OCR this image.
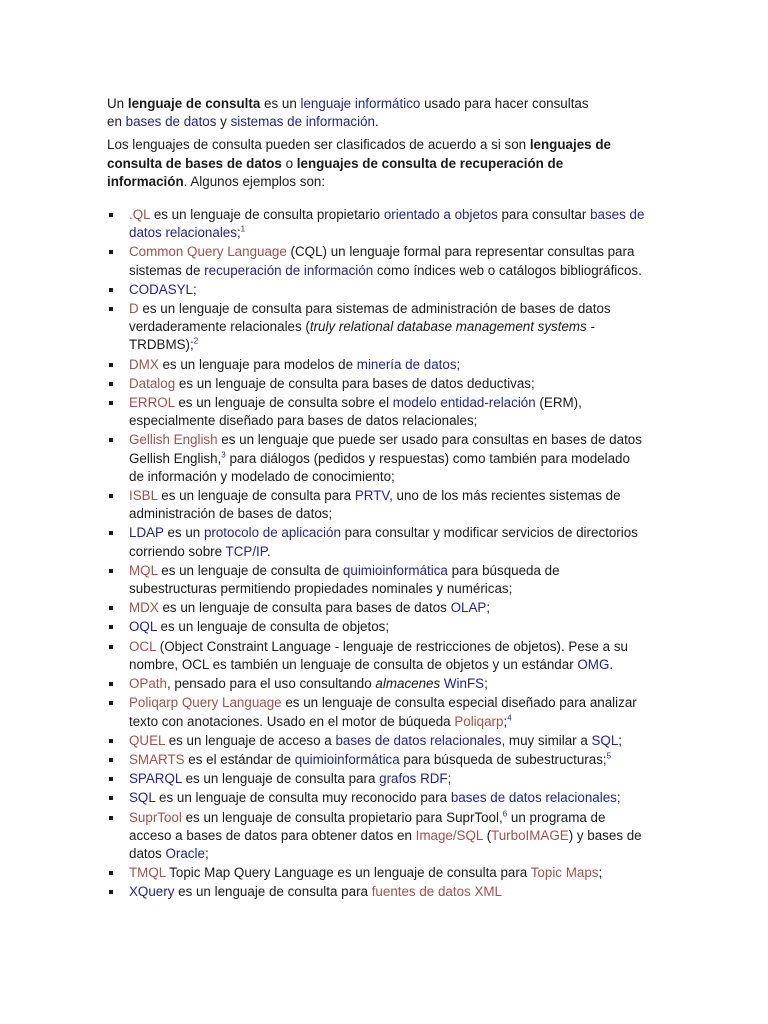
Un lenguaje de consulta es un lenguaje informático usado para hacer consultas
en bases de datos y sistemas de información.

Los lenguajes de consulta pueden ser clasificados de acuerdo a si son lenguajes de consulta de bases de datos o lenguajes de consulta de recuperación de información. Algunos ejemplos son:

.QL es un lenguaje de consulta propietario orientado a objetos para consultar bases de datos relacionales;$^1$
Common Query Language (CQL) un lenguaje formal para representar consultas para sistemas de recuperación de información como índices web o catálogos bibliográficos.
CODASYL;
D es un lenguaje de consulta para sistemas de administración de bases de datos verdaderamente relacionales (truly relational database management systems - TRDBMS);$^2$
DMX es un lenguaje para modelos de minería de datos;
Datalog es un lenguaje de consulta para bases de datos deductivas;
ERROL es un lenguaje de consulta sobre el modelo entidad-relación (ERM), especialmente diseñado para bases de datos relacionales;
Gellish English es un lenguaje que puede ser usado para consultas en bases de datos Gellish English,$^3$ para diálogos (pedidos y respuestas) como también para modelado de información y modelado de conocimiento;
ISBL es un lenguaje de consulta para PRTV, uno de los más recientes sistemas de administración de bases de datos;
LDAP es un protocolo de aplicación para consultar y modificar servicios de directorios corriendo sobre TCP/IP.
MQL es un lenguaje de consulta de quimioinformática para búsqueda de subestructuras permitiendo propiedades nominales y numéricas;
MDX es un lenguaje de consulta para bases de datos OLAP;
OQL es un lenguaje de consulta de objetos;
OCL (Object Constraint Language - lenguaje de restricciones de objetos). Pese a su nombre, OCL es también un lenguaje de consulta de objetos y un estándar OMG.
OPath, pensado para el uso consultando almacenes WinFS;
Poliqarp Query Language es un lenguaje de consulta especial diseñado para analizar texto con anotaciones. Usado en el motor de búqueda Poliqarp;$^4$
QUEL es un lenguaje de acceso a bases de datos relacionales, muy similar a SQL;
SMARTS es el estándar de quimioinformática para búsqueda de subestructuras;$^5$
SPARQL es un lenguaje de consulta para grafos RDF;
SQL es un lenguaje de consulta muy reconocido para bases de datos relacionales;
SuprTool es un lenguaje de consulta propietario para SuprTool,$^6$ un programa de acceso a bases de datos para obtener datos en Image/SQL (TurboIMAGE) y bases de datos Oracle;
TMQL Topic Map Query Language es un lenguaje de consulta para Topic Maps;
XQuery es un lenguaje de consulta para fuentes de datos XML
